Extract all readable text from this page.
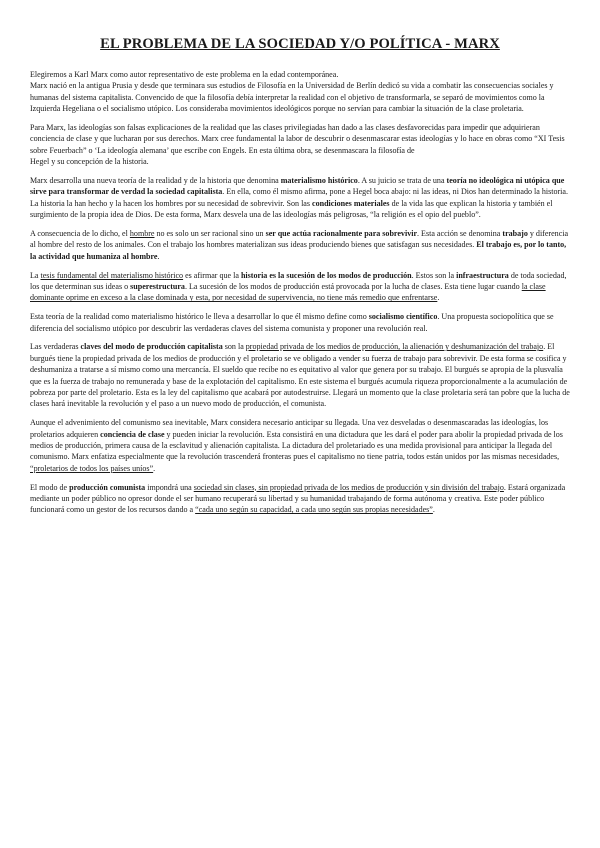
EL PROBLEMA DE LA SOCIEDAD Y/O POLÍTICA - MARX

Elegiremos a Karl Marx como autor representativo de este problema en la edad contemporánea.
Marx nació en la antigua Prusia y desde que terminara sus estudios de Filosofía en la Universidad de Berlín dedicó su vida a combatir las consecuencias sociales y humanas del sistema capitalista. Convencido de que la filosofía debía interpretar la realidad con el objetivo de transformarla, se separó de movimientos como la Izquierda Hegeliana o el socialismo utópico. Los consideraba movimientos ideológicos porque no servían para cambiar la situación de la clase proletaria.

Para Marx, las ideologías son falsas explicaciones de la realidad que las clases privilegiadas han dado a las clases desfavorecidas para impedir que adquirieran conciencia de clase y que lucharan por sus derechos. Marx cree fundamental la labor de descubrir o desenmascarar estas ideologías y lo hace en obras como “XI Tesis sobre Feuerbach” o ‘La ideología alemana’ que escribe con Engels. En esta última obra, se desenmascara la filosofía de
Hegel y su concepción de la historia.

Marx desarrolla una nueva teoría de la realidad y de la historia que denomina materialismo histórico. A su juicio se trata de una teoría no ideológica ni utópica que sirve para transformar de verdad la sociedad capitalista. En ella, como él mismo afirma, pone a Hegel boca abajo: ni las ideas, ni Dios han determinado la historia. La historia la han hecho y la hacen los hombres por su necesidad de sobrevivir. Son las condiciones materiales de la vida las que explican la historia y también el surgimiento de la propia idea de Dios. De esta forma, Marx desvela una de las ideologías más peligrosas, “la religión es el opio del pueblo”.

A consecuencia de lo dicho, el hombre no es solo un ser racional sino un ser que actúa racionalmente para sobrevivir. Esta acción se denomina trabajo y diferencia al hombre del resto de los animales. Con el trabajo los hombres materializan sus ideas produciendo bienes que satisfagan sus necesidades. El trabajo es, por lo tanto, la actividad que humaniza al hombre.

La tesis fundamental del materialismo histórico es afirmar que la historia es la sucesión de los modos de producción. Estos son la infraestructura de toda sociedad, los que determinan sus ideas o superestructura. La sucesión de los modos de producción está provocada por la lucha de clases. Esta tiene lugar cuando la clase dominante oprime en exceso a la clase dominada y esta, por necesidad de supervivencia, no tiene más remedio que enfrentarse.

Esta teoría de la realidad como materialismo histórico le lleva a desarrollar lo que él mismo define como socialismo científico. Una propuesta sociopolítica que se diferencia del socialismo utópico por descubrir las verdaderas claves del sistema comunista y proponer una revolución real.

Las verdaderas claves del modo de producción capitalista son la propiedad privada de los medios de producción, la alienación y deshumanización del trabajo. El burgués tiene la propiedad privada de los medios de producción y el proletario se ve obligado a vender su fuerza de trabajo para sobrevivir. De esta forma se cosifica y deshumaniza a tratarse a sí mismo como una mercancía. El sueldo que recibe no es equitativo al valor que genera por su trabajo. El burgués se apropia de la plusvalía que es la fuerza de trabajo no remunerada y base de la explotación del capitalismo. En este sistema el burgués acumula riqueza proporcionalmente a la acumulación de pobreza por parte del proletario. Esta es la ley del capitalismo que acabará por autodestruirse. Llegará un momento que la clase proletaria será tan pobre que la lucha de clases hará inevitable la revolución y el paso a un nuevo modo de producción, el comunista.

Aunque el advenimiento del comunismo sea inevitable, Marx considera necesario anticipar su llegada. Una vez desveladas o desenmascaradas las ideologías, los proletarios adquieren conciencia de clase y pueden iniciar la revolución. Esta consistirá en una dictadura que les dará el poder para abolir la propiedad privada de los medios de producción, primera causa de la esclavitud y alienación capitalista. La dictadura del proletariado es una medida provisional para anticipar la llegada del comunismo. Marx enfatiza especialmente que la revolución trascenderá fronteras pues el capitalismo no tiene patria, todos están unidos por las mismas necesidades, “proletarios de todos los países uníos”.

El modo de producción comunista impondrá una sociedad sin clases, sin propiedad privada de los medios de producción y sin división del trabajo. Estará organizada mediante un poder público no opresor donde el ser humano recuperará su libertad y su humanidad trabajando de forma autónoma y creativa. Este poder público funcionará como un gestor de los recursos dando a “cada uno según su capacidad, a cada uno según sus propias necesidades”.
